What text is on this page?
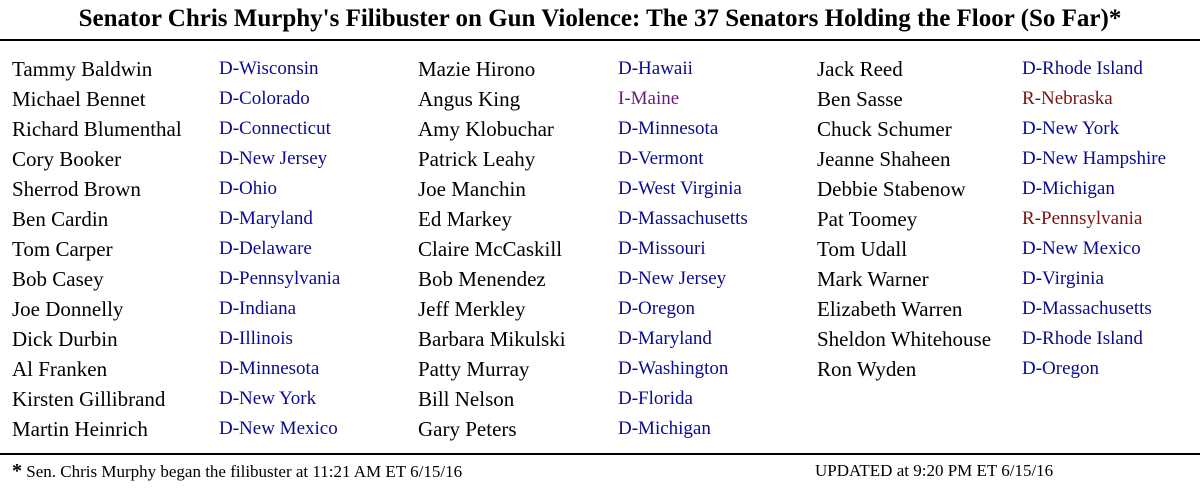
Senator Chris Murphy's Filibuster on Gun Violence: The 37 Senators Holding the Floor (So Far)*
Tammy Baldwin	D-Wisconsin
Michael Bennet	D-Colorado
Richard Blumenthal D-Connecticut
Cory Booker	D-New Jersey
Sherrod Brown	D-Ohio
Ben Cardin	D-Maryland
Tom Carper	D-Delaware
Bob Casey	D-Pennsylvania
Joe Donnelly	D-Indiana
Dick Durbin	D-Illinois
Al Franken	D-Minnesota
Kirsten Gillibrand	D-New York
Martin Heinrich	D-New Mexico
Mazie Hirono	D-Hawaii
Angus King	I-Maine
Amy Klobuchar	D-Minnesota
Patrick Leahy	D-Vermont
Joe Manchin	D-West Virginia
Ed Markey	D-Massachusetts
Claire McCaskill	D-Missouri
Bob Menendez	D-New Jersey
Jeff Merkley	D-Oregon
Barbara Mikulski	D-Maryland
Patty Murray	D-Washington
Bill Nelson	D-Florida
Gary Peters	D-Michigan
Jack Reed	D-Rhode Island
Ben Sasse	R-Nebraska
Chuck Schumer	D-New York
Jeanne Shaheen	D-New Hampshire
Debbie Stabenow	D-Michigan
Pat Toomey	R-Pennsylvania
Tom Udall	D-New Mexico
Mark Warner	D-Virginia
Elizabeth Warren	D-Massachusetts
Sheldon Whitehouse D-Rhode Island
Ron Wyden	D-Oregon
* Sen. Chris Murphy began the filibuster at 11:21 AM ET 6/15/16	UPDATED at 9:20 PM ET 6/15/16
